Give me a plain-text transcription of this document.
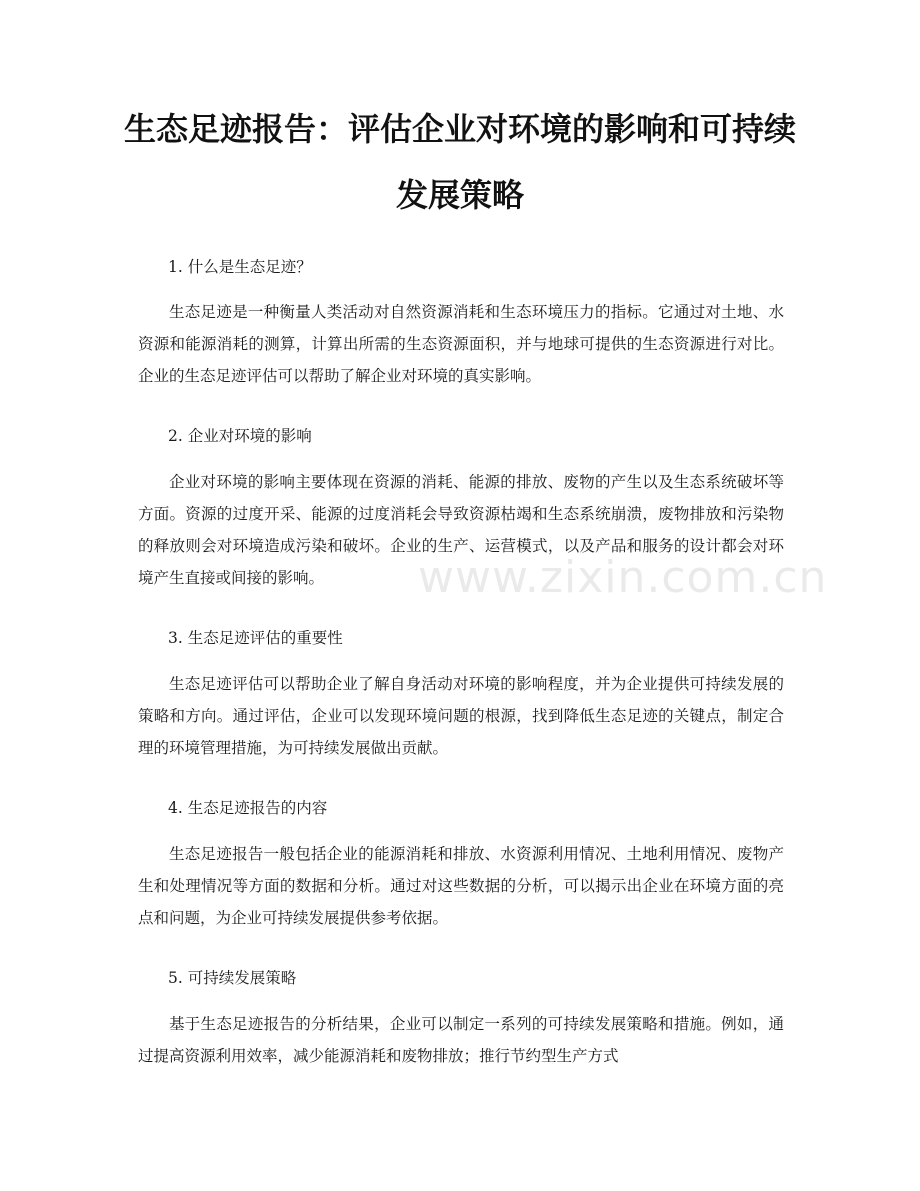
生态足迹报告：评估企业对环境的影响和可持续发展策略
www.zixin.com.cn

1. 什么是生态足迹？

生态足迹是一种衡量人类活动对自然资源消耗和生态环境压力的指标。它通过对土地、水资源和能源消耗的测算，计算出所需的生态资源面积，并与地球可提供的生态资源进行对比。企业的生态足迹评估可以帮助了解企业对环境的真实影响。

2. 企业对环境的影响

企业对环境的影响主要体现在资源的消耗、能源的排放、废物的产生以及生态系统破坏等方面。资源的过度开采、能源的过度消耗会导致资源枯竭和生态系统崩溃，废物排放和污染物的释放则会对环境造成污染和破坏。企业的生产、运营模式，以及产品和服务的设计都会对环境产生直接或间接的影响。

3. 生态足迹评估的重要性

生态足迹评估可以帮助企业了解自身活动对环境的影响程度，并为企业提供可持续发展的策略和方向。通过评估，企业可以发现环境问题的根源，找到降低生态足迹的关键点，制定合理的环境管理措施，为可持续发展做出贡献。

4. 生态足迹报告的内容

生态足迹报告一般包括企业的能源消耗和排放、水资源利用情况、土地利用情况、废物产生和处理情况等方面的数据和分析。通过对这些数据的分析，可以揭示出企业在环境方面的亮点和问题，为企业可持续发展提供参考依据。

5. 可持续发展策略

基于生态足迹报告的分析结果，企业可以制定一系列的可持续发展策略和措施。例如，通过提高资源利用效率，减少能源消耗和废物排放；推行节约型生产方式
